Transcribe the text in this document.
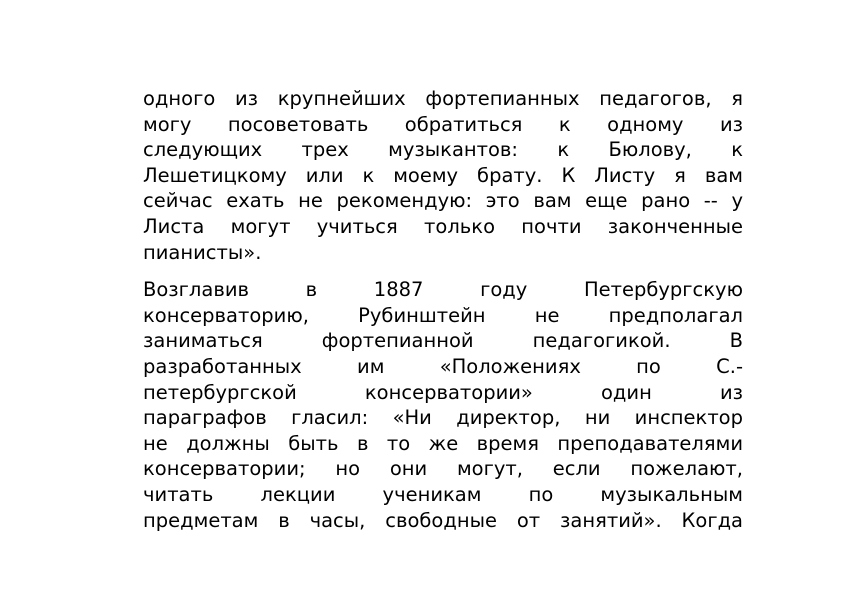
одного из крупнейших фортепианных педагогов, я
могу посоветовать обратиться к одному из
следующих трех музыкантов: к Бюлову, к
Лешетицкому или к моему брату. К Листу я вам
сейчас ехать не рекомендую: это вам еще рано -- у
Листа могут учиться только почти законченные
пианисты».

Возглавив в 1887 году Петербургскую
консерваторию, Рубинштейн не предполагал
заниматься фортепианной педагогикой. В
разработанных им «Положениях по С.-
петербургской консерватории» один из
параграфов гласил: «Ни директор, ни инспектор
не должны быть в то же время преподавателями
консерватории; но они могут, если пожелают,
читать лекции ученикам по музыкальным
предметам в часы, свободные от занятий». Когда
